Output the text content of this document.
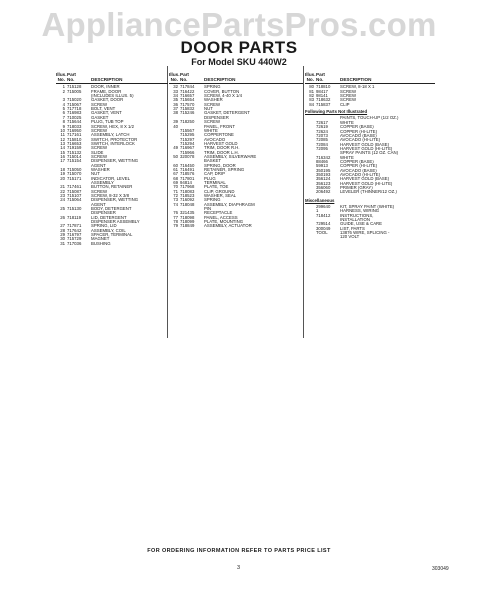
AppliancePartsPros.com
DOOR PARTS
For Model SKU 440W2
Illus. Part
No. No.	DESCRIPTION
1 715128	DOOR, INNER
2 715005	FRAME, DOOR
(INCLUDES ILLUS. 5)
3 715020	GASKET, DOOR
4 715067	SCREW
5 717718	BOLT, VENT
6 716983	GASKET, VENT
7 710025	GASKET
8 715644	PLUG, TUB TOP
9 718033	SCREW, HEX, 8 X 1/2
10 716950	SCREW
11 717161	ASSEMBLY, LATCH
12 715810	SWITCH, PROTECTOR
13 716653	SWITCH, INTERLOCK
14 719159	SCREW
15 715132	SLIDE
16 715014	SCREW
17 715154	DISPENSER, WETTING
AGENT
18 715050	WASHER
19 715070	NUT
20 715171	INDICATOR, LEVEL
ASSEMBLY
21 717461	BUTTON, RETAINER
22 715087	SCREW
23 715107	SCREW, 8-32 X 3/8
24 715064	DISPENSER, WETTING
AGENT
25 715130	BODY, DETERGENT
DISPENSER
26 718119	LID, DETERGENT
DISPENSER ASSEMBLY
27 717871	SPRING, LID
28 717642	ASSEMBLY, COIL
29 716797	SPACER, TERMINAL
30 715729	MAGNET
31 717036	BUSHING
Illus. Part
No. No.	DESCRIPTION
32 717844	SPRING
33 716422	COVER, BUTTON
34 716657	SCREW, 4-40 X 1/4
35 715654	WASHER
36 717570	SCREW
37 715832	NUT
38 715246	GASKET, DETERGENT
DISPENSER
39 718250	SCREW
40	PANEL, FRONT
715567	WHITE
715295	COPPERTONE
715297	AVOCADO
715294	HARVEST GOLD
49 716967	TRIM, DOOR R.H.
715966	TRIM, DOOR L.H.
50 320078	ASSEMBLY, SILVERWARE
BASKET
60 716450	SPRING, DOOR
61 716491	RETAINER, SPRING
67 718576	CAP, DRIP
68 717801	PLUG
69 94814	TERMINAL
70 717968	PLATE, TOE
71 718083	CLIP, GROUND
72 718523	WASHER, SEAL
73 716092	SPRING
74 718048	ASSEMBLY, DIAPHRAGM
PIN
76 321435	RECEPTACLE
77 718098	PANEL, ACCESS
78 718099	PLATE, MOUNTING
79 718849	ASSEMBLY, ACTUATOR
Illus. Part
No. No.	DESCRIPTION
80 718810	SCREW, 8-18 X 1
81 98417	SCREW
82 98141	SCREW
83 718632	SCREW
84 715837	CLIP
Following Parts Not Illustrated
PAINTS, TOUCH-UP (1/2 OZ.)
72617	WHITE
72619	COPPER (BASE)
72624	COPPER (HI-LITE)
72073	AVOCADO (BASE)
72085	AVOCADO (HI-LITE)
72084	HARVEST GOLD (BASE)
72095	HARVEST GOLD (HI-LITE)
SPRAY PAINTS (12 OZ. CAN)
716342	WHITE
88466	COPPER (BASE)
59913	COPPER (HI-LITE)
350195	AVOCADO (BASE)
350193	AVOCADO (HI-LITE)
356124	HARVEST GOLD (BASE)
356123	HARVEST GOLD (HI-LITE)
356060	PRIMER (GRAY)
206492	LEVELER (THINNER/12 OZ.)
Miscellaneous
299640	KIT, SPRAY PAINT (WHITE)
1	HARNESS, WIRING
718412	INSTRUCTIONS,
INSTALLATION
729514	GUIDE, USE & CARE
300049	LIST, PARTS
TOOL	13876 WIRE, SPLICING -
120 VOLT
FOR ORDERING INFORMATION REFER TO PARTS PRICE LIST
3	303049
